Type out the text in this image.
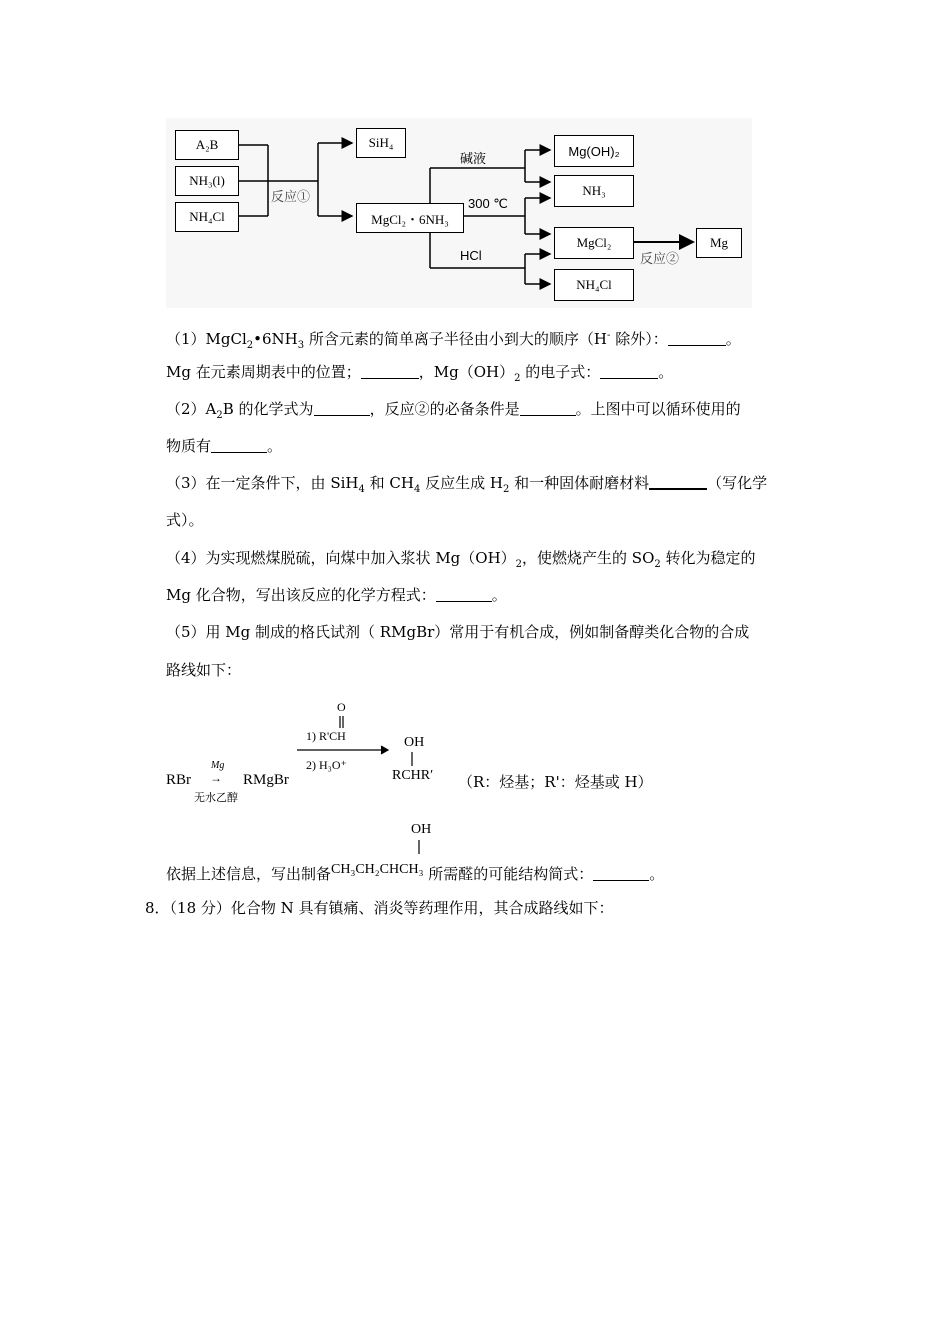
A₂B
NH₃(l)
NH₄Cl
反应①
SiH₄
MgCl₂・6NH₃
碱液
300 ℃
HCl
Mg(OH)₂
NH₃
MgCl₂
NH₄Cl
反应②
Mg
$(1)MgCl_2•6NH_3$ 所含元素的简单离子半径由小到大的顺序（H- 除外）：	。
Mg 在元素周期表中的位置；	，$Mg(OH)_2$ 的电子式：	。
$(2)A_2B$ 的化学式为	，反应②的必备条件是	。上图中可以循环使用的
物质有	。
（3）在一定条件下，由 SiH$_4$ 和 $CH_4$ 反应生成 $H_2$ 和一种固体耐磨材料	（写化学
式）。
（4）为实现燃煤脱硫，向煤中加入浆状 $Mg(OH)_2$，使燃烧产生的 $SO_2$ 转化为稳定的
Mg 化合物，写出该反应的化学方程式：	。
（5）用 Mg 制成的格氏试剂（ RMgBr）常用于有机合成，例如制备醇类化合物的合成
路线如下：
RBr
Mg
→
无水乙醇
RMgBr
O
1) R'CH
2) H₃O⁺
OH
RCHR′ （R：烃基；R'：烃基或 H）
OH
依据上述信息，写出制备CH₃CH₂CHCH₃ 所需醛的可能结构简式：	。
8．（18 分）化合物 N 具有镇痛、消炎等药理作用，其合成路线如下：
